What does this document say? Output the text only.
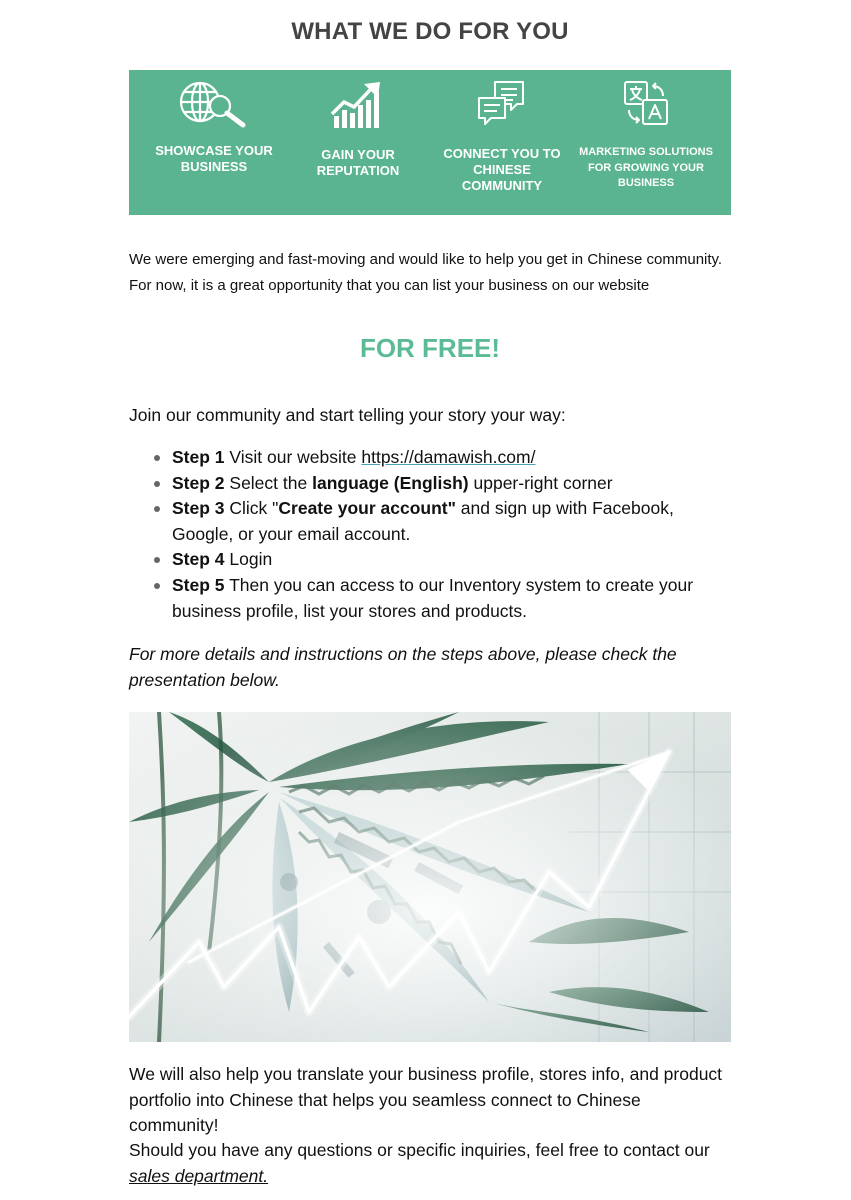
WHAT WE DO FOR YOU
SHOWCASE YOUR BUSINESS
GAIN YOUR REPUTATION
CONNECT YOU TO CHINESE COMMUNITY
MARKETING SOLUTIONS FOR GROWING YOUR BUSINESS
We were emerging and fast-moving and would like to help you get in Chinese community.
For now, it is a great opportunity that you can list your business on our website
FOR FREE!
Join our community and start telling your story your way:
Step 1 Visit our website https://damawish.com/
Step 2 Select the language (English) upper-right corner
Step 3 Click "Create your account" and sign up with Facebook, Google, or your email account.
Step 4 Login
Step 5 Then you can access to our Inventory system to create your business profile, list your stores and products.
For more details and instructions on the steps above, please check the presentation below.
We will also help you translate your business profile, stores info, and product portfolio into Chinese that helps you seamless connect to Chinese community!
Should you have any questions or specific inquiries, feel free to contact our sales department.
